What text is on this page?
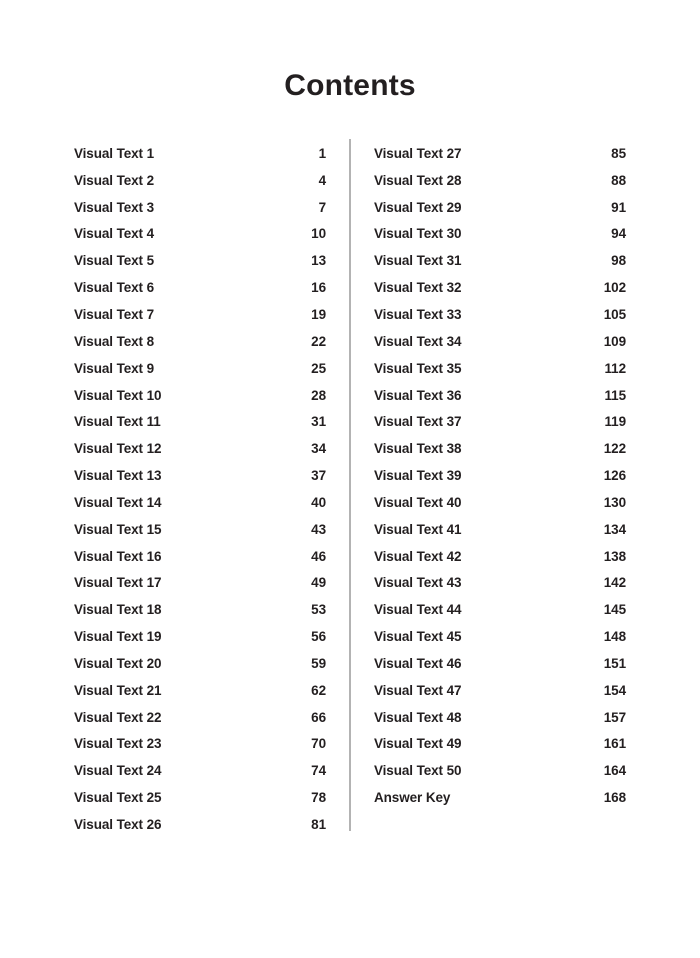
Contents
Visual Text 1	1
Visual Text 2	4
Visual Text 3	7
Visual Text 4	10
Visual Text 5	13
Visual Text 6	16
Visual Text 7	19
Visual Text 8	22
Visual Text 9	25
Visual Text 10	28
Visual Text 11	31
Visual Text 12	34
Visual Text 13	37
Visual Text 14	40
Visual Text 15	43
Visual Text 16	46
Visual Text 17	49
Visual Text 18	53
Visual Text 19	56
Visual Text 20	59
Visual Text 21	62
Visual Text 22	66
Visual Text 23	70
Visual Text 24	74
Visual Text 25	78
Visual Text 26	81
Visual Text 27	85
Visual Text 28	88
Visual Text 29	91
Visual Text 30	94
Visual Text 31	98
Visual Text 32	102
Visual Text 33	105
Visual Text 34	109
Visual Text 35	112
Visual Text 36	115
Visual Text 37	119
Visual Text 38	122
Visual Text 39	126
Visual Text 40	130
Visual Text 41	134
Visual Text 42	138
Visual Text 43	142
Visual Text 44	145
Visual Text 45	148
Visual Text 46	151
Visual Text 47	154
Visual Text 48	157
Visual Text 49	161
Visual Text 50	164
Answer Key	168
